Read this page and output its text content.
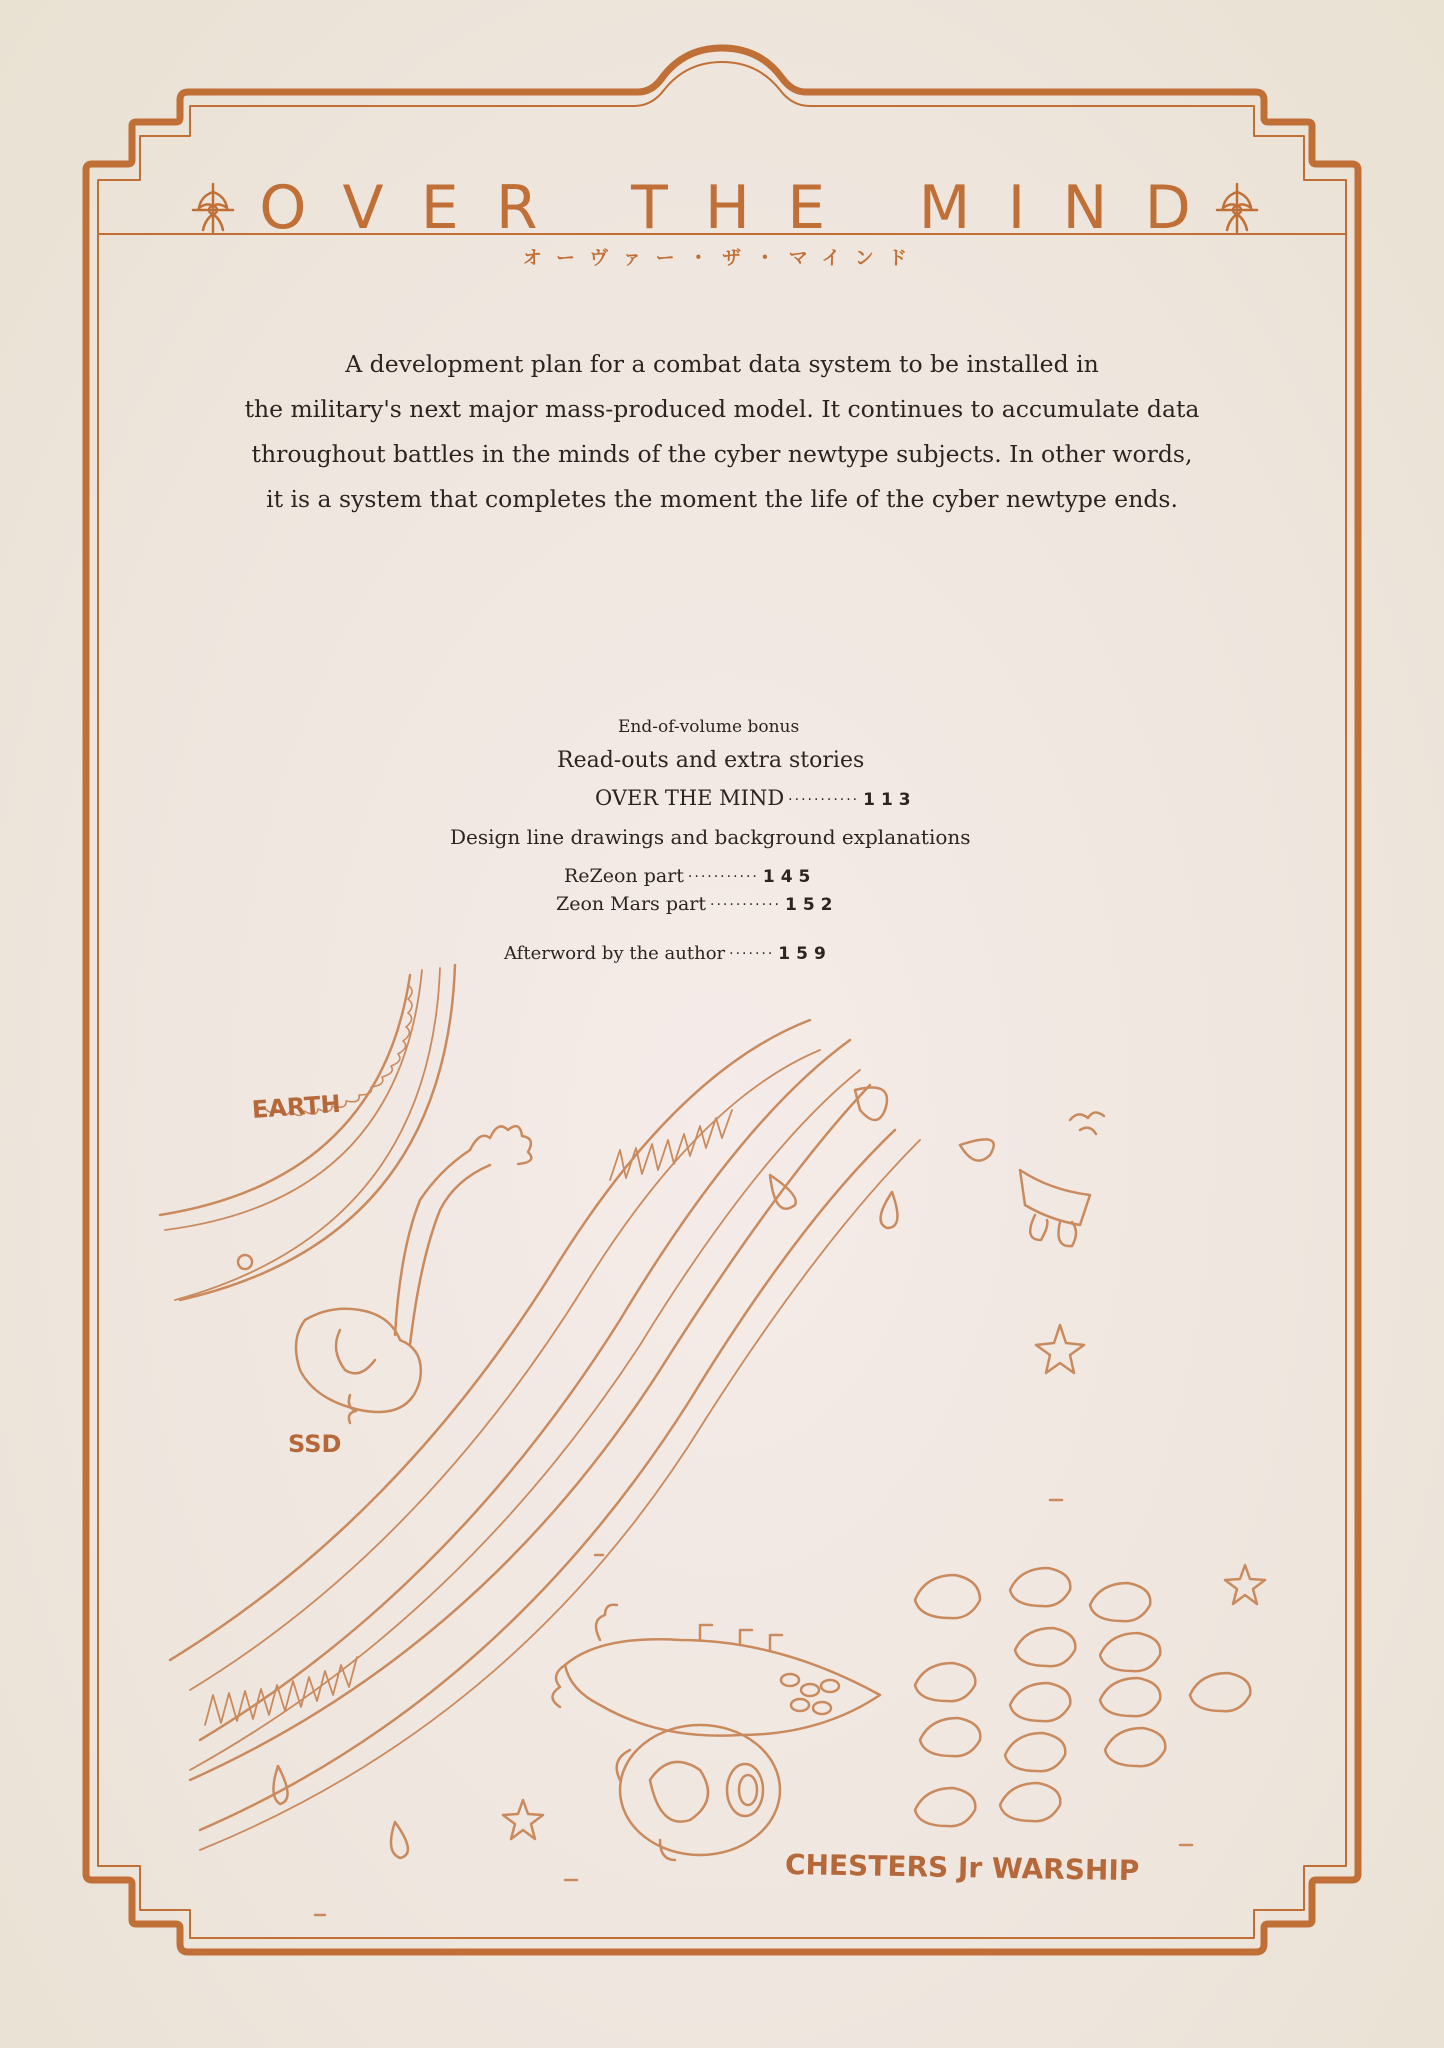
OVER THE MIND
オーヴァー・ザ・マインド
A development plan for a combat data system to be installed in
the military's next major mass-produced model. It continues to accumulate data
throughout battles in the minds of the cyber newtype subjects. In other words,
it is a system that completes the moment the life of the cyber newtype ends.
End-of-volume bonus
Read-outs and extra stories
OVER THE MIND ··········· 113
Design line drawings and background explanations
ReZeon part ··········· 145
Zeon Mars part ··········· 152
Afterword by the author ······· 159
EARTH
SSD
CHESTERS Jr WARSHIP
